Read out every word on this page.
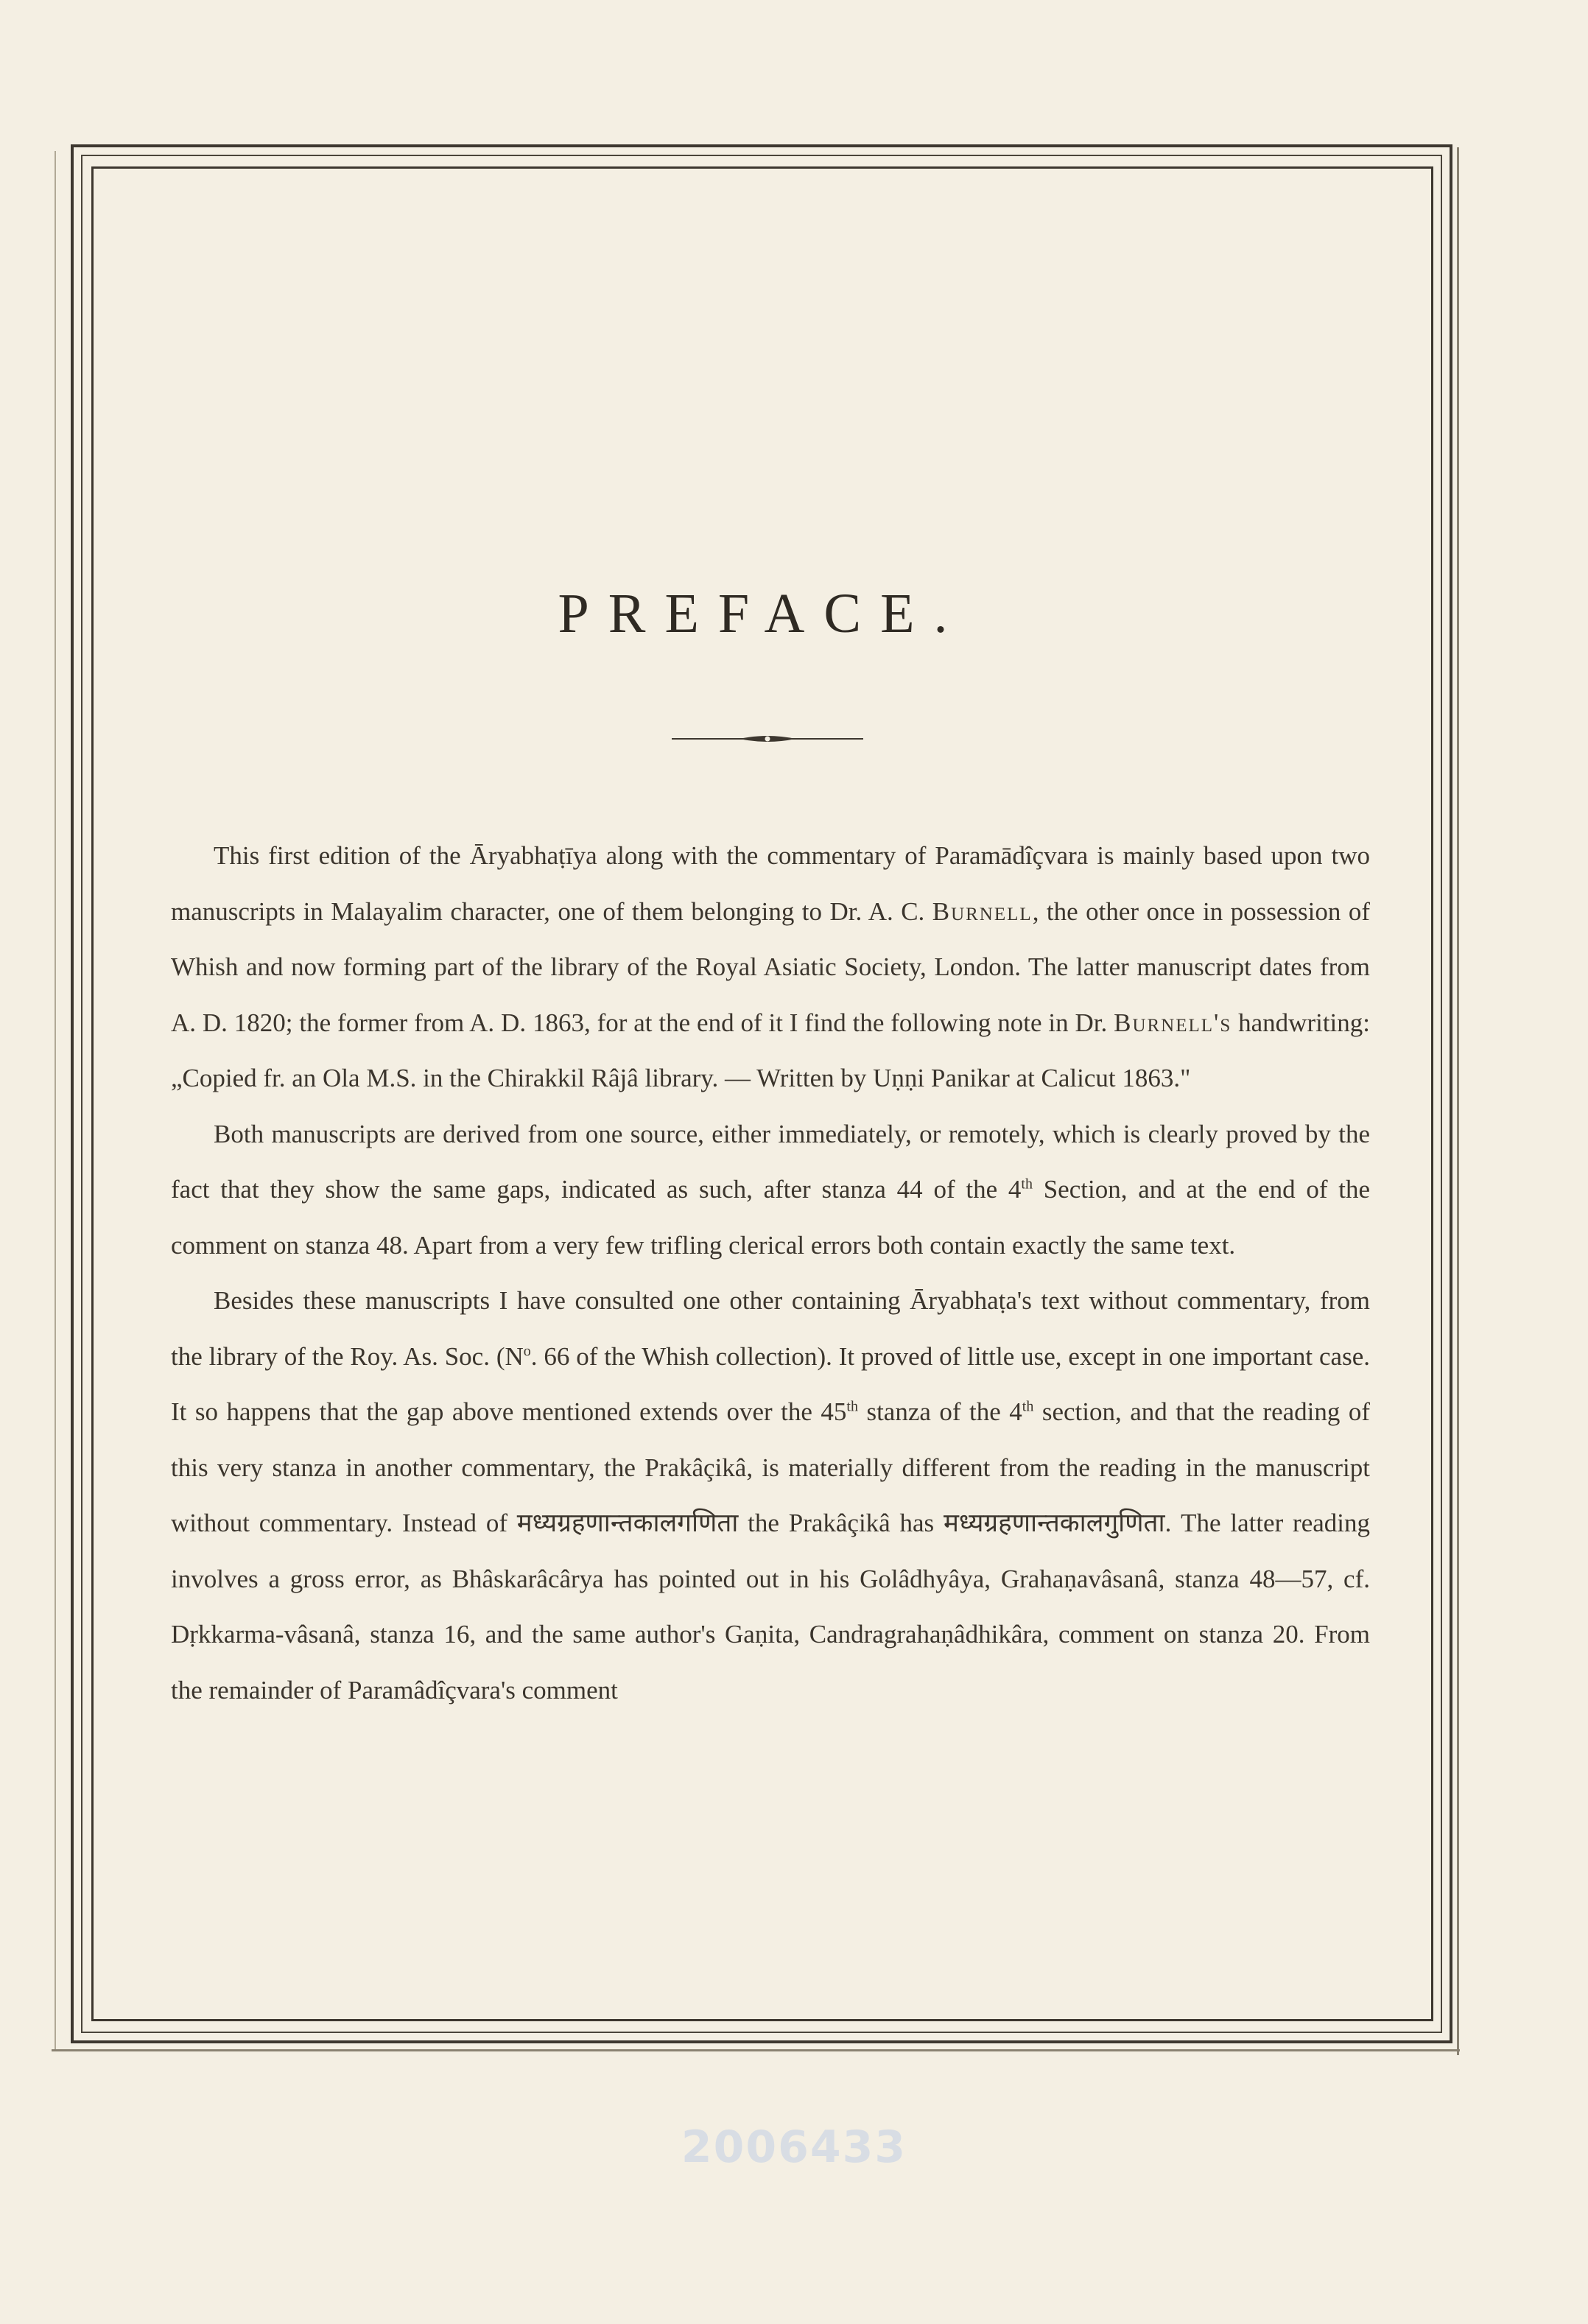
PREFACE.

This first edition of the Āryabhaṭīya along with the commentary of Paramādîçvara is mainly based upon two manuscripts in Malayalim character, one of them belonging to Dr. A. C. Burnell, the other once in possession of Whish and now forming part of the library of the Royal Asiatic Society, London. The latter manuscript dates from A. D. 1820; the former from A. D. 1863, for at the end of it I find the following note in Dr. Burnell's handwriting: „Copied fr. an Ola M.S. in the Chirakkil Râjâ library. — Written by Uṇṇi Panikar at Calicut 1863."

Both manuscripts are derived from one source, either immediately, or remotely, which is clearly proved by the fact that they show the same gaps, indicated as such, after stanza 44 of the 4th Section, and at the end of the comment on stanza 48. Apart from a very few trifling clerical errors both contain exactly the same text.

Besides these manuscripts I have consulted one other containing Āryabhaṭa's text without commentary, from the library of the Roy. As. Soc. ($N^o$. 66 of the Whish collection). It proved of little use, except in one important case. It so happens that the gap above mentioned extends over the 45th stanza of the 4th section, and that the reading of this very stanza in another commentary, the Prakâçikâ, is materially different from the reading in the manuscript without commentary. Instead of मध्यग्रहणान्तकालगणिता the Prakâçikâ has मध्यग्रहणान्तकालगुणिता. The latter reading involves a gross error, as Bhâskarâcârya has pointed out in his Golâdhyâya, Grahaṇavâsanâ, stanza 48—57, cf. Dṛkkarma-vâsanâ, stanza 16, and the same author's Gaṇita, Candragrahaṇâdhikâra, comment on stanza 20. From the remainder of Paramâdîçvara's comment

2006433
